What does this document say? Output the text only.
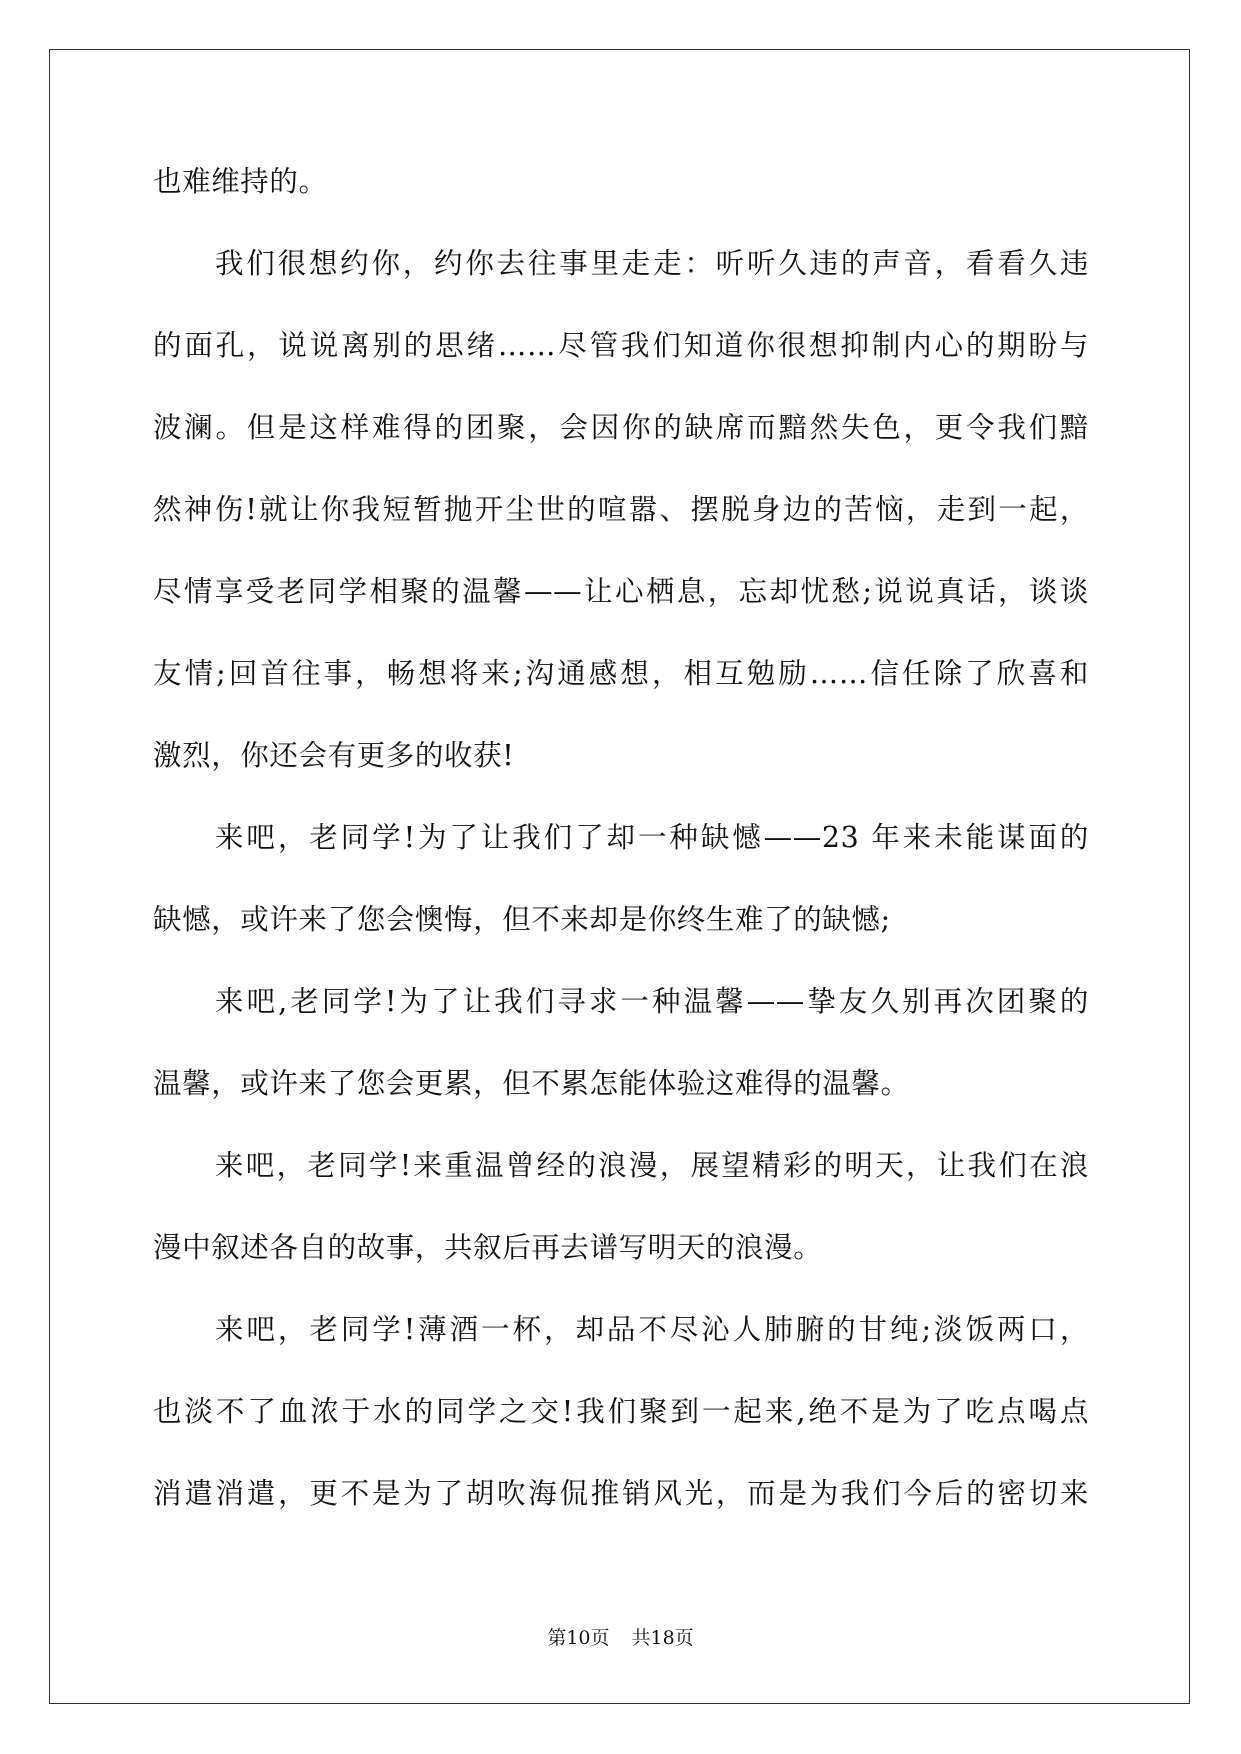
也难维持的。
我们很想约你，约你去往事里走走：听听久违的声音，看看久违
的面孔，说说离别的思绪……尽管我们知道你很想抑制内心的期盼与
波澜。但是这样难得的团聚，会因你的缺席而黯然失色，更令我们黯
然神伤!就让你我短暂抛开尘世的喧嚣、摆脱身边的苦恼，走到一起，
尽情享受老同学相聚的温馨——让心栖息，忘却忧愁;说说真话，谈谈
友情;回首往事，畅想将来;沟通感想，相互勉励……信任除了欣喜和
激烈，你还会有更多的收获!
来吧，老同学!为了让我们了却一种缺憾——23 年来未能谋面的
缺憾，或许来了您会懊悔，但不来却是你终生难了的缺憾;
来吧,老同学!为了让我们寻求一种温馨——挚友久别再次团聚的
温馨，或许来了您会更累，但不累怎能体验这难得的温馨。
来吧，老同学!来重温曾经的浪漫，展望精彩的明天，让我们在浪
漫中叙述各自的故事，共叙后再去谱写明天的浪漫。
来吧，老同学!薄酒一杯，却品不尽沁人肺腑的甘纯;淡饭两口，
也淡不了血浓于水的同学之交!我们聚到一起来,绝不是为了吃点喝点
消遣消遣，更不是为了胡吹海侃推销风光，而是为我们今后的密切来
第10页 共18页
